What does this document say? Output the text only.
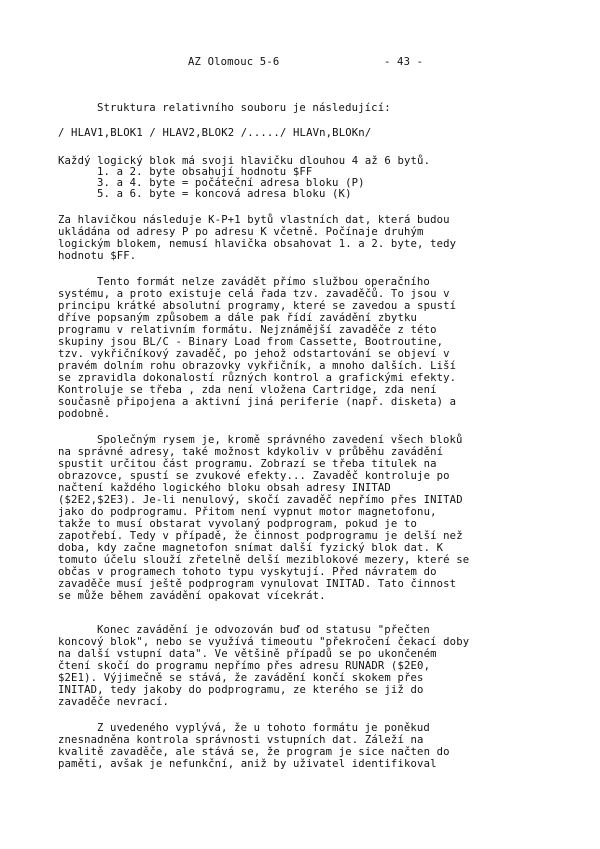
AZ Olomouc 5-6	- 43 -
Struktura relativního souboru je následující:
/ HLAV1,BLOK1 / HLAV2,BLOK2 /...../ HLAVn,BLOKn/
Každý logický blok má svoji hlavičku dlouhou 4 až 6 bytů.
1. a 2. byte obsahují hodnotu $FF
3. a 4. byte = počáteční adresa bloku (P)
5. a 6. byte = koncová adresa bloku (K)
Za hlavičkou následuje K-P+1 bytů vlastních dat, která budou
ukládána od adresy P po adresu K včetně. Počínaje druhým
logickým blokem, nemusí hlavička obsahovat 1. a 2. byte, tedy
hodnotu $FF.
Tento formát nelze zavádět přímo službou operačního
systému, a proto existuje celá řada tzv. zavaděčů. To jsou v
principu krátké absolutní programy, které se zavedou a spustí
dříve popsaným způsobem a dále pak řídí zavádění zbytku
programu v relativním formátu. Nejznámější zavaděče z této
skupiny jsou BL/C - Binary Load from Cassette, Bootroutine,
tzv. vykřičníkový zavaděč, po jehož odstartování se objeví v
pravém dolním rohu obrazovky vykřičník, a mnoho dalších. Liší
se zpravidla dokonalostí různých kontrol a grafickými efekty.
Kontroluje se třeba , zda není vložena Cartridge, zda není
současně připojena a aktivní jiná periferie (např. disketa) a
podobně.
Společným rysem je, kromě správného zavedení všech bloků
na správné adresy, také možnost kdykoliv v průběhu zavádění
spustit určitou část programu. Zobrazí se třeba titulek na
obrazovce, spustí se zvukové efekty... Zavaděč kontroluje po
načtení každého logického bloku obsah adresy INITAD
($2E2,$2E3). Je-li nenulový, skočí zavaděč nepřímo přes INITAD
jako do podprogramu. Přitom není vypnut motor magnetofonu,
takže to musí obstarat vyvolaný podprogram, pokud je to
zapotřebí. Tedy v případě, že činnost podprogramu je delší než
doba, kdy začne magnetofon snímat další fyzický blok dat. K
tomuto účelu slouží zřetelně delší meziblokové mezery, které se
občas v programech tohoto typu vyskytují. Před návratem do
zavaděče musí ještě podprogram vynulovat INITAD. Tato činnost
se může během zavádění opakovat vícekrát.
Konec zavádění je odvozován buď od statusu "přečten
koncový blok", nebo se využívá timeoutu "překročení čekací doby
na další vstupní data". Ve většině případů se po ukončeném
čtení skočí do programu nepřímo přes adresu RUNADR ($2E0,
$2E1). Výjimečně se stává, že zavádění končí skokem přes
INITAD, tedy jakoby do podprogramu, ze kterého se již do
zavaděče nevrací.
Z uvedeného vyplývá, že u tohoto formátu je poněkud
znesnadněna kontrola správnosti vstupních dat. Záleží na
kvalitě zavaděče, ale stává se, že program je sice načten do
paměti, avšak je nefunkční, aniž by uživatel identifikoval
